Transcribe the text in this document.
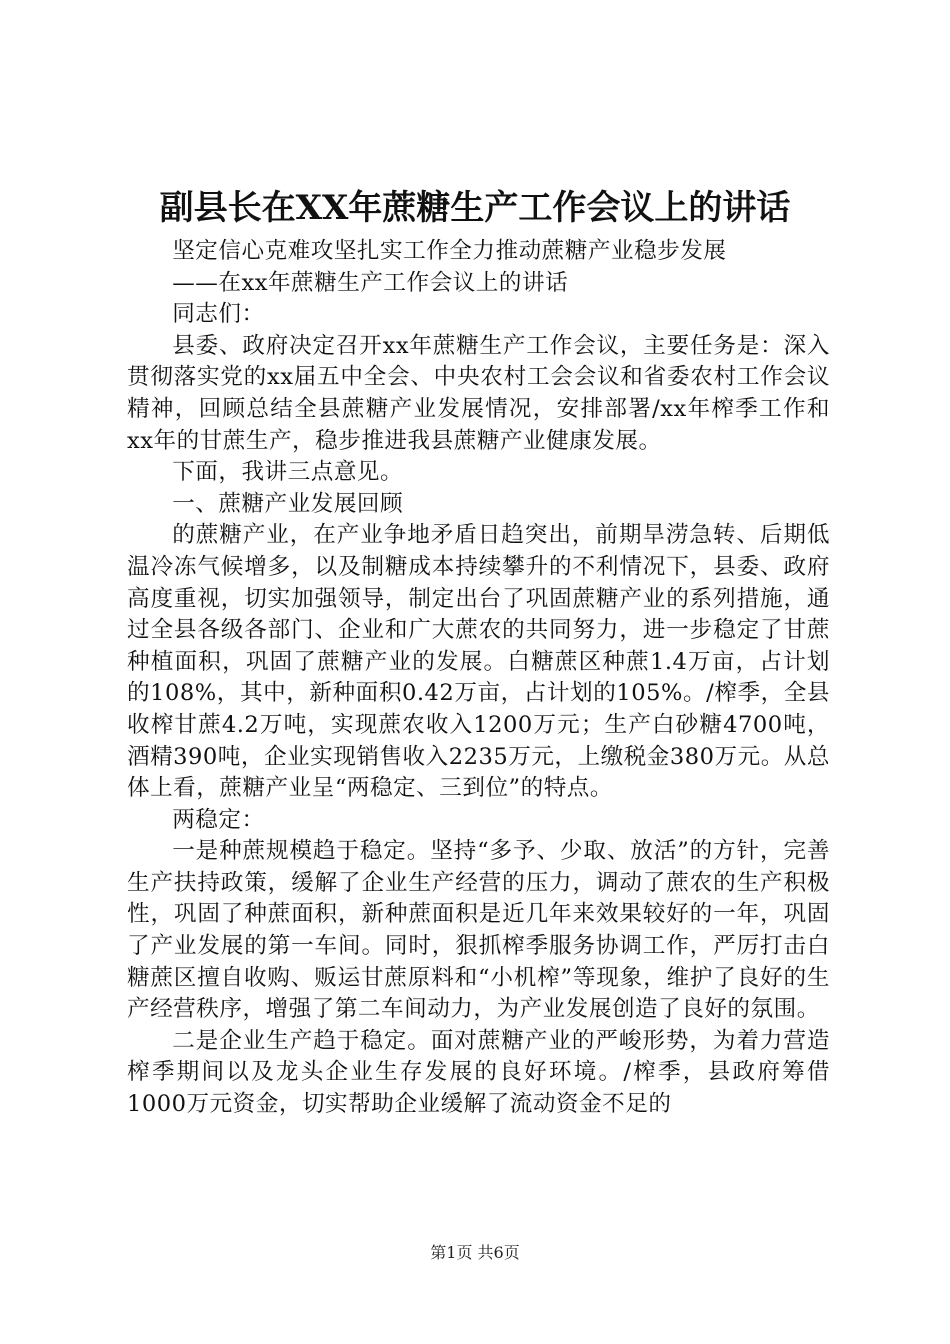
副县长在XX年蔗糖生产工作会议上的讲话

坚定信心克难攻坚扎实工作全力推动蔗糖产业稳步发展

——在xx年蔗糖生产工作会议上的讲话

同志们：

县委、政府决定召开xx年蔗糖生产工作会议，主要任务是：深入贯彻落实党的xx届五中全会、中央农村工会会议和省委农村工作会议精神，回顾总结全县蔗糖产业发展情况，安排部署/xx年榨季工作和xx年的甘蔗生产，稳步推进我县蔗糖产业健康发展。

下面，我讲三点意见。

一、蔗糖产业发展回顾

的蔗糖产业，在产业争地矛盾日趋突出，前期旱涝急转、后期低温冷冻气候增多，以及制糖成本持续攀升的不利情况下，县委、政府高度重视，切实加强领导，制定出台了巩固蔗糖产业的系列措施，通过全县各级各部门、企业和广大蔗农的共同努力，进一步稳定了甘蔗种植面积，巩固了蔗糖产业的发展。白糖蔗区种蔗1.4万亩，占计划的108%，其中，新种面积0.42万亩，占计划的105%。/榨季，全县收榨甘蔗4.2万吨，实现蔗农收入1200万元；生产白砂糖4700吨，酒精390吨，企业实现销售收入2235万元，上缴税金380万元。从总体上看，蔗糖产业呈“两稳定、三到位”的特点。

两稳定：

一是种蔗规模趋于稳定。坚持“多予、少取、放活”的方针，完善生产扶持政策，缓解了企业生产经营的压力，调动了蔗农的生产积极性，巩固了种蔗面积，新种蔗面积是近几年来效果较好的一年，巩固了产业发展的第一车间。同时，狠抓榨季服务协调工作，严厉打击白糖蔗区擅自收购、贩运甘蔗原料和“小机榨”等现象，维护了良好的生产经营秩序，增强了第二车间动力，为产业发展创造了良好的氛围。

二是企业生产趋于稳定。面对蔗糖产业的严峻形势，为着力营造榨季期间以及龙头企业生存发展的良好环境。/榨季，县政府筹借1000万元资金，切实帮助企业缓解了流动资金不足的

第1页 共6页
